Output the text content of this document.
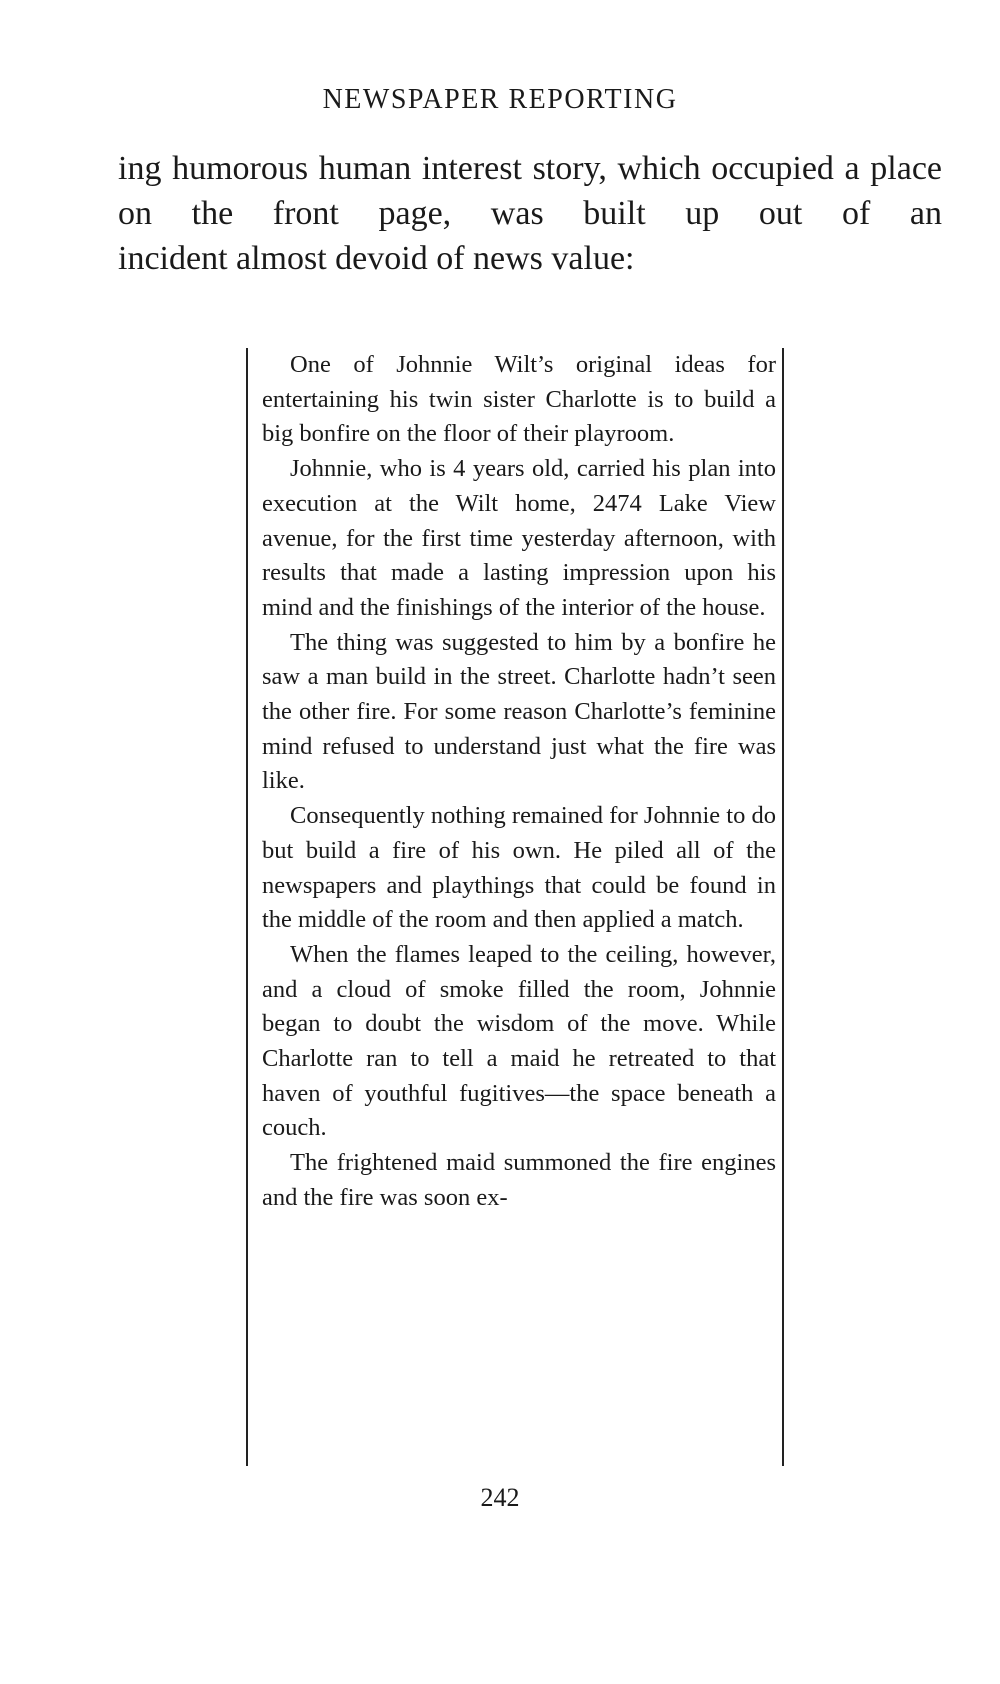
NEWSPAPER REPORTING

ing humorous human interest story, which occupied a place on the front page, was built up out of an
incident almost devoid of news value:

One of Johnnie Wilt’s original ideas for entertaining his twin sister Charlotte is to build a big bonfire on the floor of their playroom.

Johnnie, who is 4 years old, carried his plan into execution at the Wilt home, 2474 Lake View avenue, for the first time yesterday afternoon, with results that made a lasting impression upon his mind and the finishings of the interior of the house.

The thing was suggested to him by a bonfire he saw a man build in the street. Charlotte hadn’t seen the other fire. For some reason Charlotte’s feminine mind refused to understand just what the fire was like.

Consequently nothing remained for Johnnie to do but build a fire of his own. He piled all of the newspapers and playthings that could be found in the middle of the room and then applied a match.

When the flames leaped to the ceiling, however, and a cloud of smoke filled the room, Johnnie began to doubt the wisdom of the move. While Charlotte ran to tell a maid he retreated to that haven of youthful fugitives—the space beneath a couch.

The frightened maid summoned the fire engines and the fire was soon ex-

242
